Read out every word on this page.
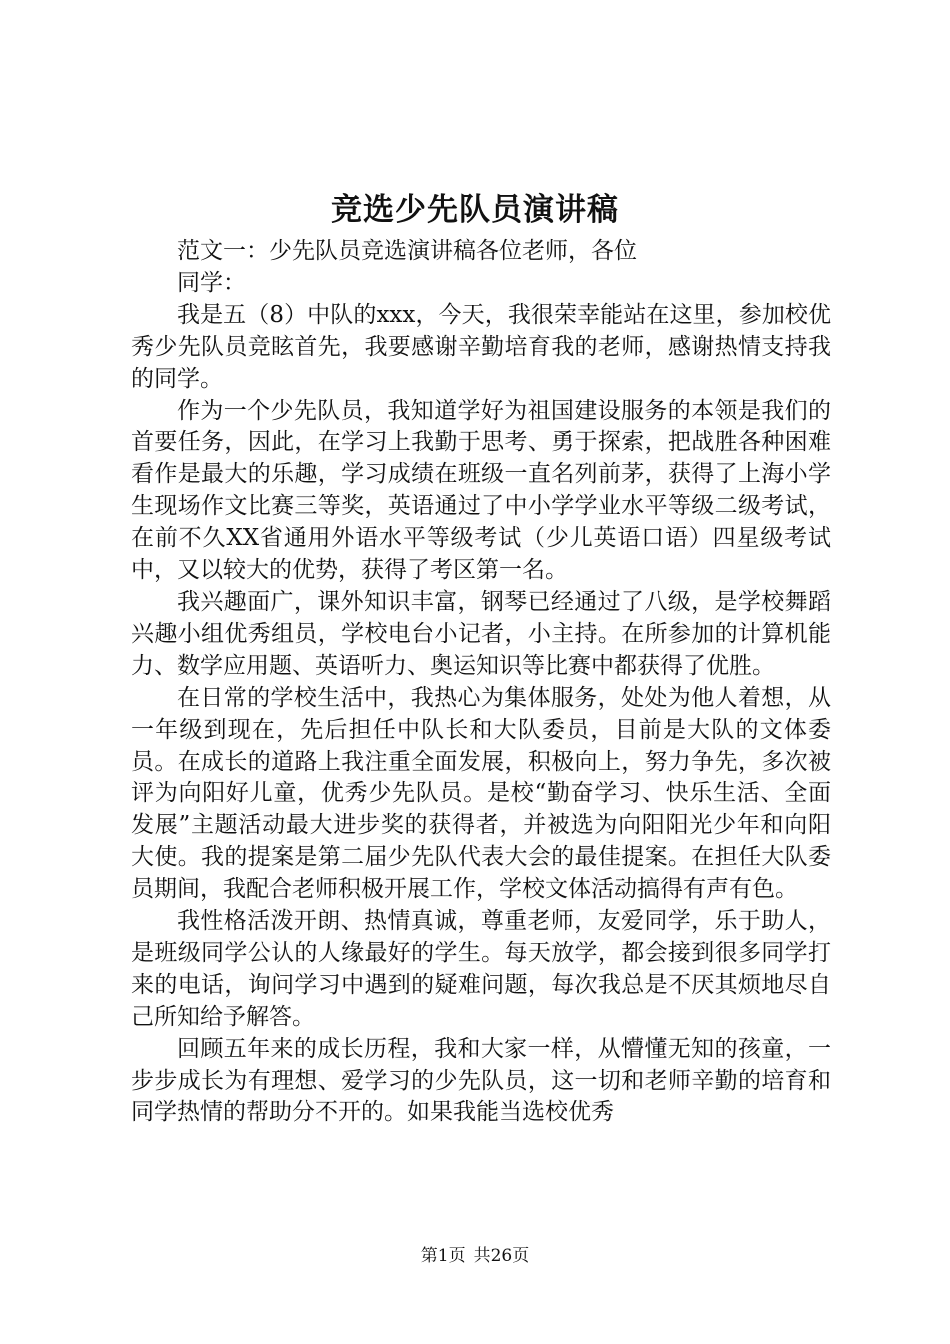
竞选少先队员演讲稿

范文一：少先队员竞选演讲稿各位老师，各位

同学：

我是五（8）中队的xxx，今天，我很荣幸能站在这里，参加校优秀少先队员竞眩首先，我要感谢辛勤培育我的老师，感谢热情支持我的同学。

作为一个少先队员，我知道学好为祖国建设服务的本领是我们的首要任务，因此，在学习上我勤于思考、勇于探索，把战胜各种困难看作是最大的乐趣，学习成绩在班级一直名列前茅，获得了上海小学生现场作文比赛三等奖，英语通过了中小学学业水平等级二级考试，在前不久XX省通用外语水平等级考试（少儿英语口语）四星级考试中，又以较大的优势，获得了考区第一名。

我兴趣面广，课外知识丰富，钢琴已经通过了八级，是学校舞蹈兴趣小组优秀组员，学校电台小记者，小主持。在所参加的计算机能力、数学应用题、英语听力、奥运知识等比赛中都获得了优胜。

在日常的学校生活中，我热心为集体服务，处处为他人着想，从一年级到现在，先后担任中队长和大队委员，目前是大队的文体委员。在成长的道路上我注重全面发展，积极向上，努力争先，多次被评为向阳好儿童，优秀少先队员。是校“勤奋学习、快乐生活、全面发展”主题活动最大进步奖的获得者，并被选为向阳阳光少年和向阳大使。我的提案是第二届少先队代表大会的最佳提案。在担任大队委员期间，我配合老师积极开展工作，学校文体活动搞得有声有色。

我性格活泼开朗、热情真诚，尊重老师，友爱同学，乐于助人，是班级同学公认的人缘最好的学生。每天放学，都会接到很多同学打来的电话，询问学习中遇到的疑难问题，每次我总是不厌其烦地尽自己所知给予解答。

回顾五年来的成长历程，我和大家一样，从懵懂无知的孩童，一步步成长为有理想、爱学习的少先队员，这一切和老师辛勤的培育和同学热情的帮助分不开的。如果我能当选校优秀

第1页 共26页
